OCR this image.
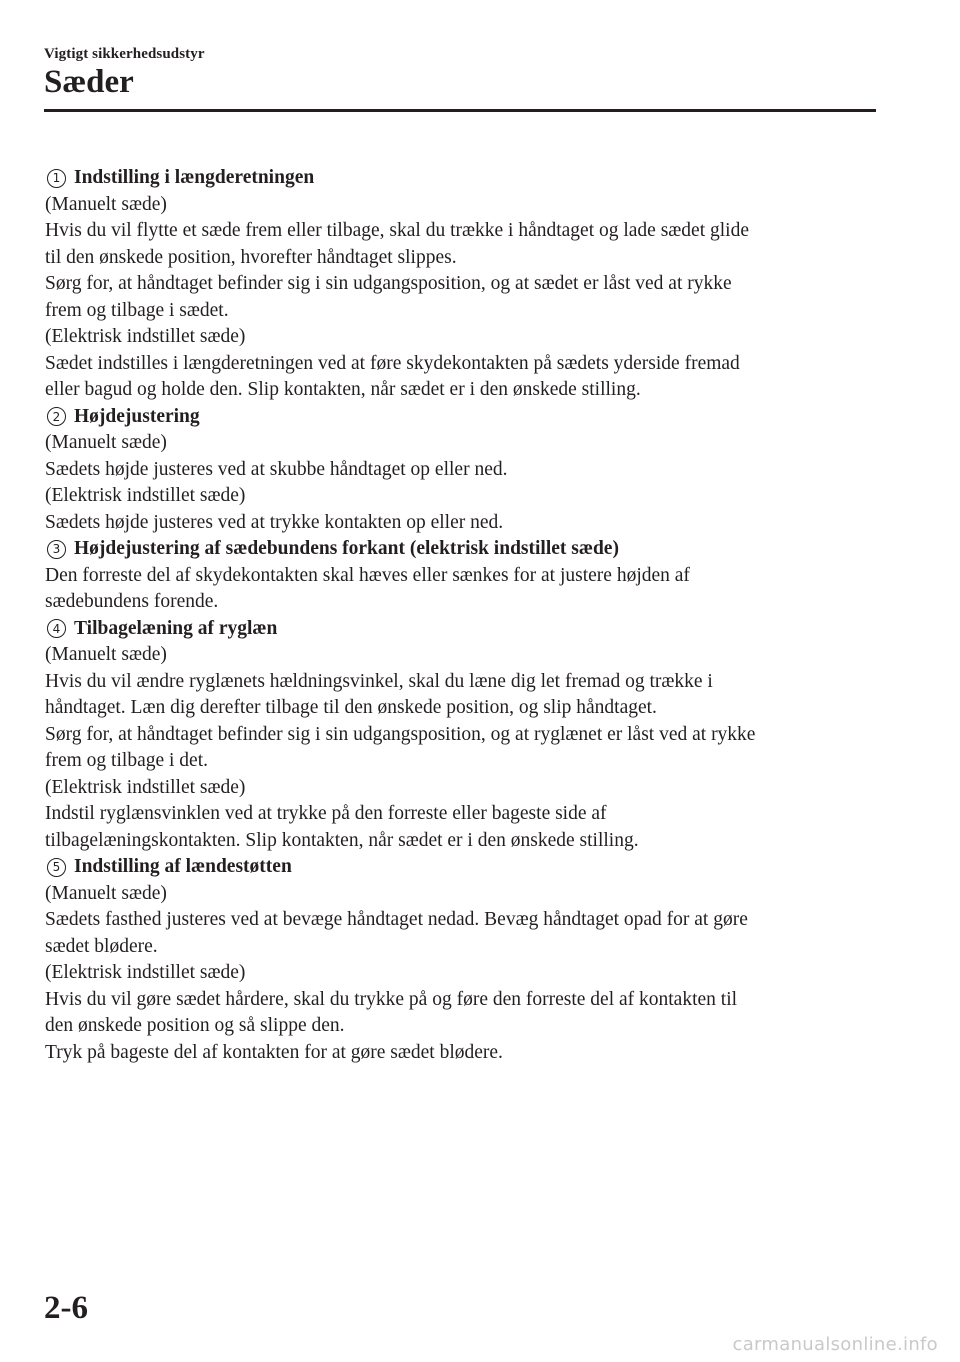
Vigtigt sikkerhedsudstyr
Sæder
1 Indstilling i længderetningen
(Manuelt sæde)
Hvis du vil flytte et sæde frem eller tilbage, skal du trække i håndtaget og lade sædet glide
til den ønskede position, hvorefter håndtaget slippes.
Sørg for, at håndtaget befinder sig i sin udgangsposition, og at sædet er låst ved at rykke
frem og tilbage i sædet.
(Elektrisk indstillet sæde)
Sædet indstilles i længderetningen ved at føre skydekontakten på sædets yderside fremad
eller bagud og holde den. Slip kontakten, når sædet er i den ønskede stilling.
2 Højdejustering
(Manuelt sæde)
Sædets højde justeres ved at skubbe håndtaget op eller ned.
(Elektrisk indstillet sæde)
Sædets højde justeres ved at trykke kontakten op eller ned.
3 Højdejustering af sædebundens forkant (elektrisk indstillet sæde)
Den forreste del af skydekontakten skal hæves eller sænkes for at justere højden af
sædebundens forende.
4 Tilbagelæning af ryglæn
(Manuelt sæde)
Hvis du vil ændre ryglænets hældningsvinkel, skal du læne dig let fremad og trække i
håndtaget. Læn dig derefter tilbage til den ønskede position, og slip håndtaget.
Sørg for, at håndtaget befinder sig i sin udgangsposition, og at ryglænet er låst ved at rykke
frem og tilbage i det.
(Elektrisk indstillet sæde)
Indstil ryglænsvinklen ved at trykke på den forreste eller bageste side af
tilbagelæningskontakten. Slip kontakten, når sædet er i den ønskede stilling.
5 Indstilling af lændestøtten
(Manuelt sæde)
Sædets fasthed justeres ved at bevæge håndtaget nedad. Bevæg håndtaget opad for at gøre
sædet blødere.
(Elektrisk indstillet sæde)
Hvis du vil gøre sædet hårdere, skal du trykke på og føre den forreste del af kontakten til
den ønskede position og så slippe den.
Tryk på bageste del af kontakten for at gøre sædet blødere.
2-6
carmanualsonline.info
